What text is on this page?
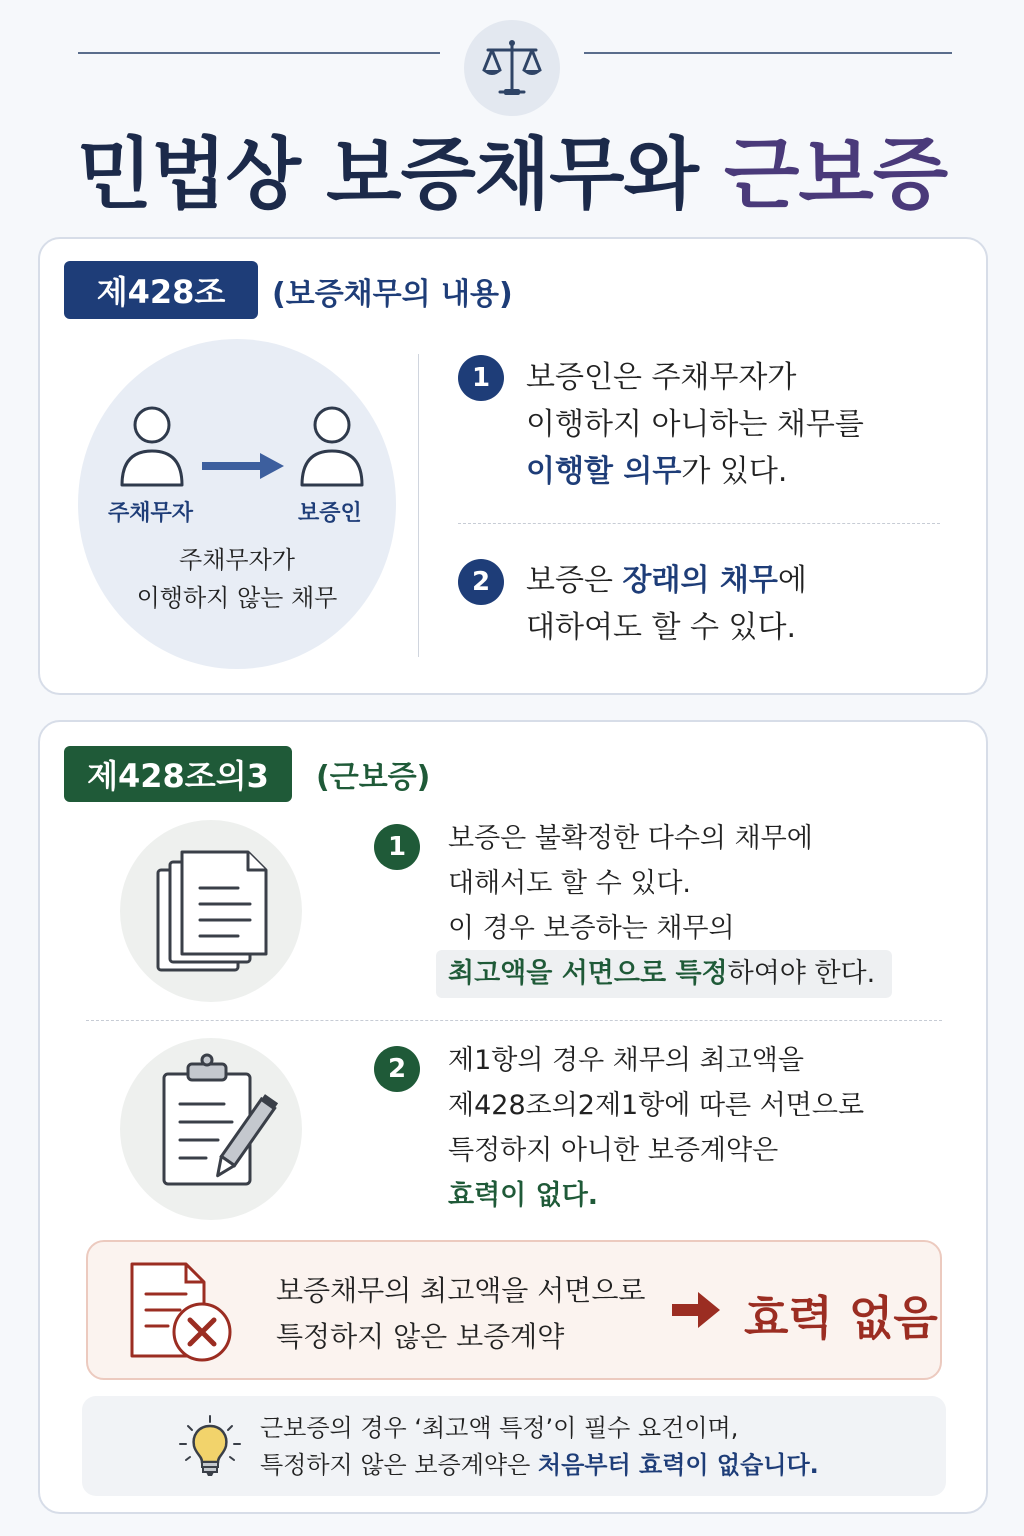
민법상 보증채무와 근보증
제428조	(보증채무의 내용)
주채무자	보증인
주채무자가
이행하지 않는 채무
1	보증인은 주채무자가
이행하지 아니하는 채무를
이행할 의무가 있다.
2	보증은 장래의 채무에
대하여도 할 수 있다.
제428조의3	(근보증)
1	보증은 불확정한 다수의 채무에
대해서도 할 수 있다.
이 경우 보증하는 채무의
최고액을 서면으로 특정하여야 한다.
2	제1항의 경우 채무의 최고액을
제428조의2제1항에 따른 서면으로
특정하지 아니한 보증계약은
효력이 없다.
보증채무의 최고액을 서면으로
특정하지 않은 보증계약	효력 없음
근보증의 경우 ‘최고액 특정’이 필수 요건이며,
특정하지 않은 보증계약은 처음부터 효력이 없습니다.
